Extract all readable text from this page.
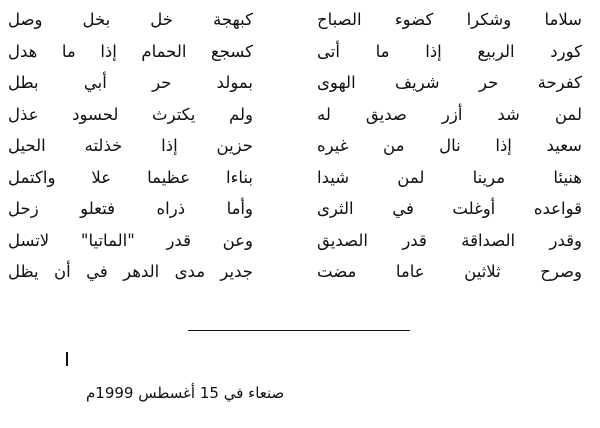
سلاما وشكرا كضوء الصباح
كورد الربيع إذا ما أتى
كفرحة حر شريف الهوى
لمن شد أزر صديق له
سعيد إذا نال من غيره
هنيئا مرينا لمن شيدا
قواعده أوغلت في الثرى
وقدر الصداقة قدر الصديق
وصرح ثلاثين عاما مضت
كبهجة خل بخل وصل
كسجع الحمام إذا ما هدل
بمولد حر أبي بطل
ولم يكترث لحسود عذل
حزين إذا خذلته الحيل
بناءا عظيما علا واكتمل
وأما ذراه فتعلو زحل
وعن قدر "الماتيا" لاتسل
جدير مدى الدهر في أن يظل
صنعاء في 15 أغسطس 1999م
